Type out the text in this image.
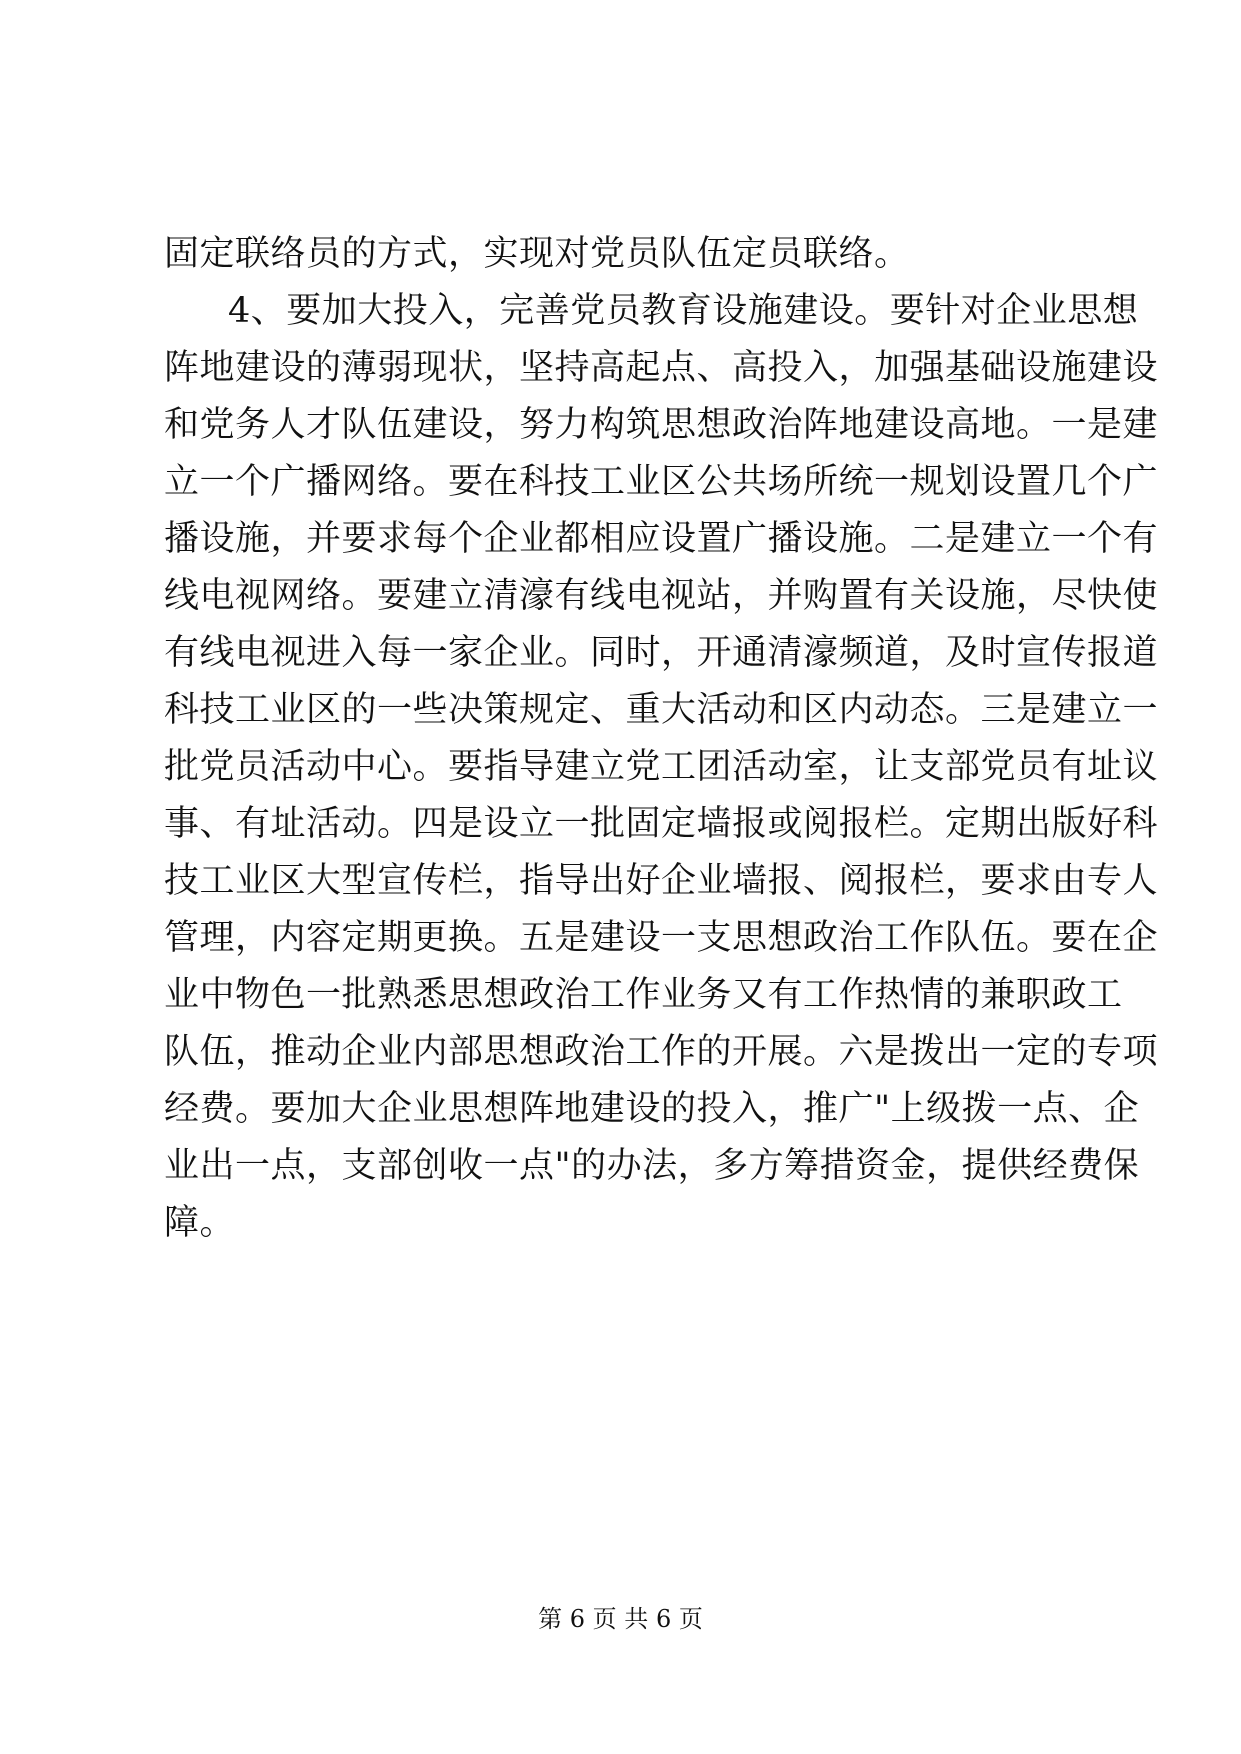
固定联络员的方式，实现对党员队伍定员联络。
4、要加大投入，完善党员教育设施建设。要针对企业思想
阵地建设的薄弱现状，坚持高起点、高投入，加强基础设施建设
和党务人才队伍建设，努力构筑思想政治阵地建设高地。一是建
立一个广播网络。要在科技工业区公共场所统一规划设置几个广
播设施，并要求每个企业都相应设置广播设施。二是建立一个有
线电视网络。要建立清濠有线电视站，并购置有关设施，尽快使
有线电视进入每一家企业。同时，开通清濠频道，及时宣传报道
科技工业区的一些决策规定、重大活动和区内动态。三是建立一
批党员活动中心。要指导建立党工团活动室，让支部党员有址议
事、有址活动。四是设立一批固定墙报或阅报栏。定期出版好科
技工业区大型宣传栏，指导出好企业墙报、阅报栏，要求由专人
管理，内容定期更换。五是建设一支思想政治工作队伍。要在企
业中物色一批熟悉思想政治工作业务又有工作热情的兼职政工
队伍，推动企业内部思想政治工作的开展。六是拨出一定的专项
经费。要加大企业思想阵地建设的投入，推广"上级拨一点、企
业出一点，支部创收一点"的办法，多方筹措资金，提供经费保
障。
第 6 页 共 6 页
